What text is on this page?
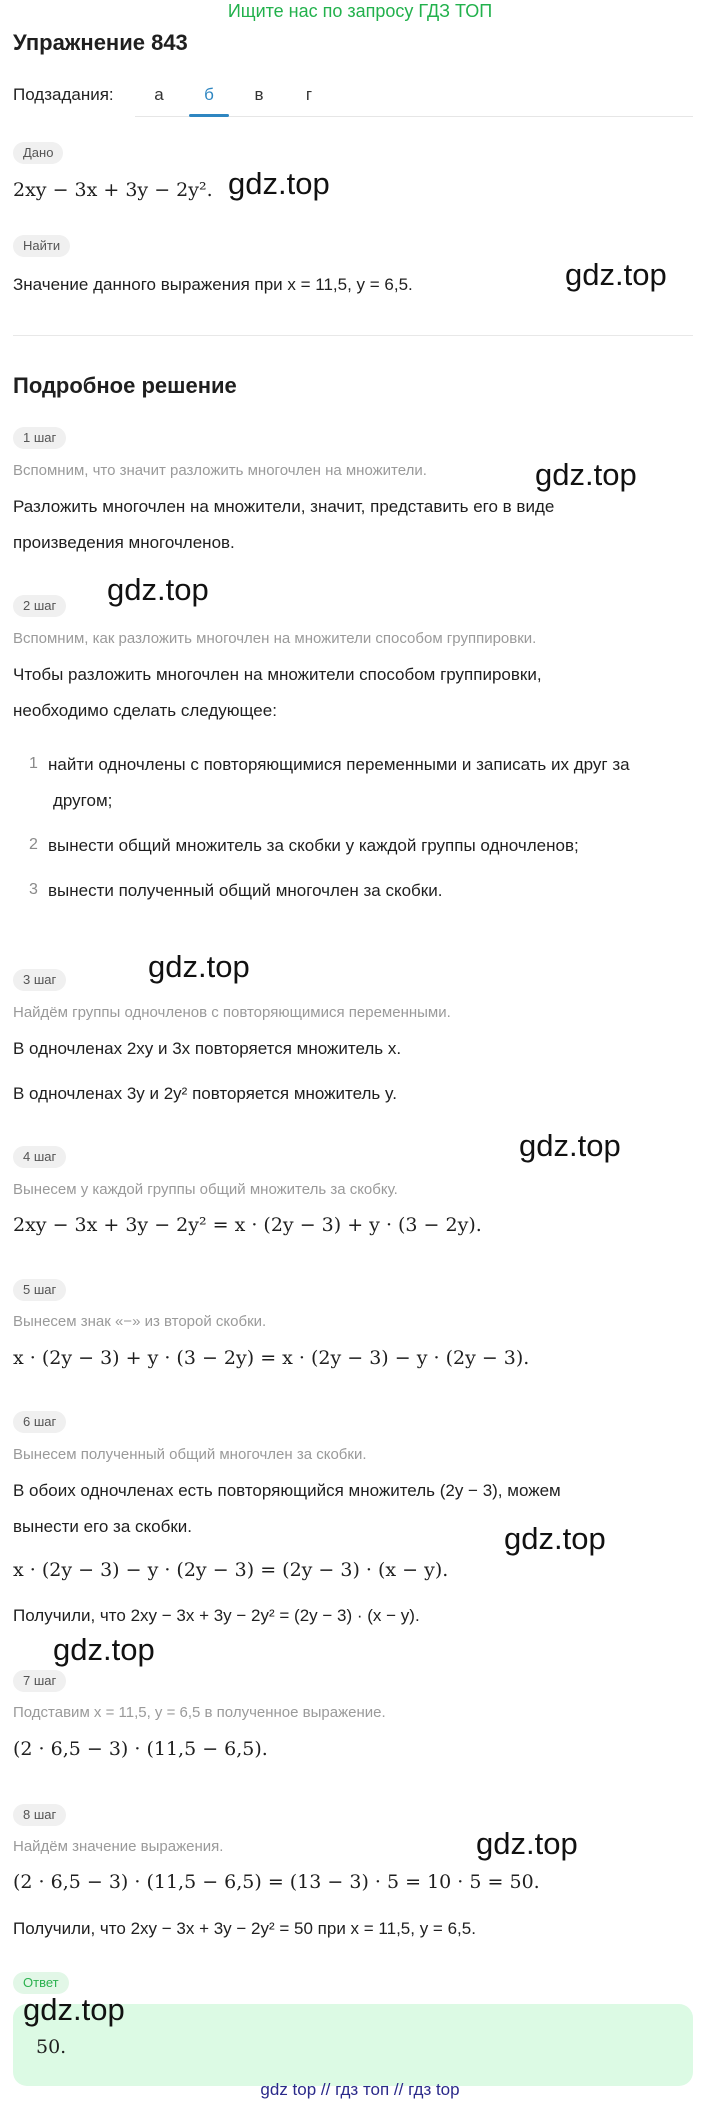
Ищите нас по запросу ГДЗ ТОП
Упражнение 843
Подзадания:	а б в г
Дано
2xy − 3x + 3y − 2y².
Найти
Значение данного выражения при x = 11,5, y = 6,5.
Подробное решение
1 шаг
Вспомним, что значит разложить многочлен на множители.
Разложить многочлен на множители, значит, представить его в виде
произведения многочленов.
2 шаг
Вспомним, как разложить многочлен на множители способом группировки.
Чтобы разложить многочлен на множители способом группировки,
необходимо сделать следующее:
1 найти одночлены с повторяющимися переменными и записать их друг за
другом;
2 вынести общий множитель за скобки у каждой группы одночленов;
3 вынести полученный общий многочлен за скобки.
3 шаг
Найдём группы одночленов с повторяющимися переменными.
В одночленах 2xy и 3x повторяется множитель x.
В одночленах 3y и 2y² повторяется множитель y.
4 шаг
Вынесем у каждой группы общий множитель за скобку.
2xy − 3x + 3y − 2y² = x · (2y − 3) + y · (3 − 2y).
5 шаг
Вынесем знак «−» из второй скобки.
x · (2y − 3) + y · (3 − 2y) = x · (2y − 3) − y · (2y − 3).
6 шаг
Вынесем полученный общий многочлен за скобки.
В обоих одночленах есть повторяющийся множитель (2y − 3), можем
вынести его за скобки.
x · (2y − 3) − y · (2y − 3) = (2y − 3) · (x − y).
Получили, что 2xy − 3x + 3y − 2y² = (2y − 3) · (x − y).
7 шаг
Подставим x = 11,5, y = 6,5 в полученное выражение.
(2 · 6,5 − 3) · (11,5 − 6,5).
8 шаг
Найдём значение выражения.
(2 · 6,5 − 3) · (11,5 − 6,5) = (13 − 3) · 5 = 10 · 5 = 50.
Получили, что 2xy − 3x + 3y − 2y² = 50 при x = 11,5, y = 6,5.
Ответ
50.
gdz.top
gdz.top
gdz.top
gdz.top
gdz.top
gdz.top
gdz.top
gdz.top
gdz.top
gdz.top
gdz top // гдз топ // гдз top
